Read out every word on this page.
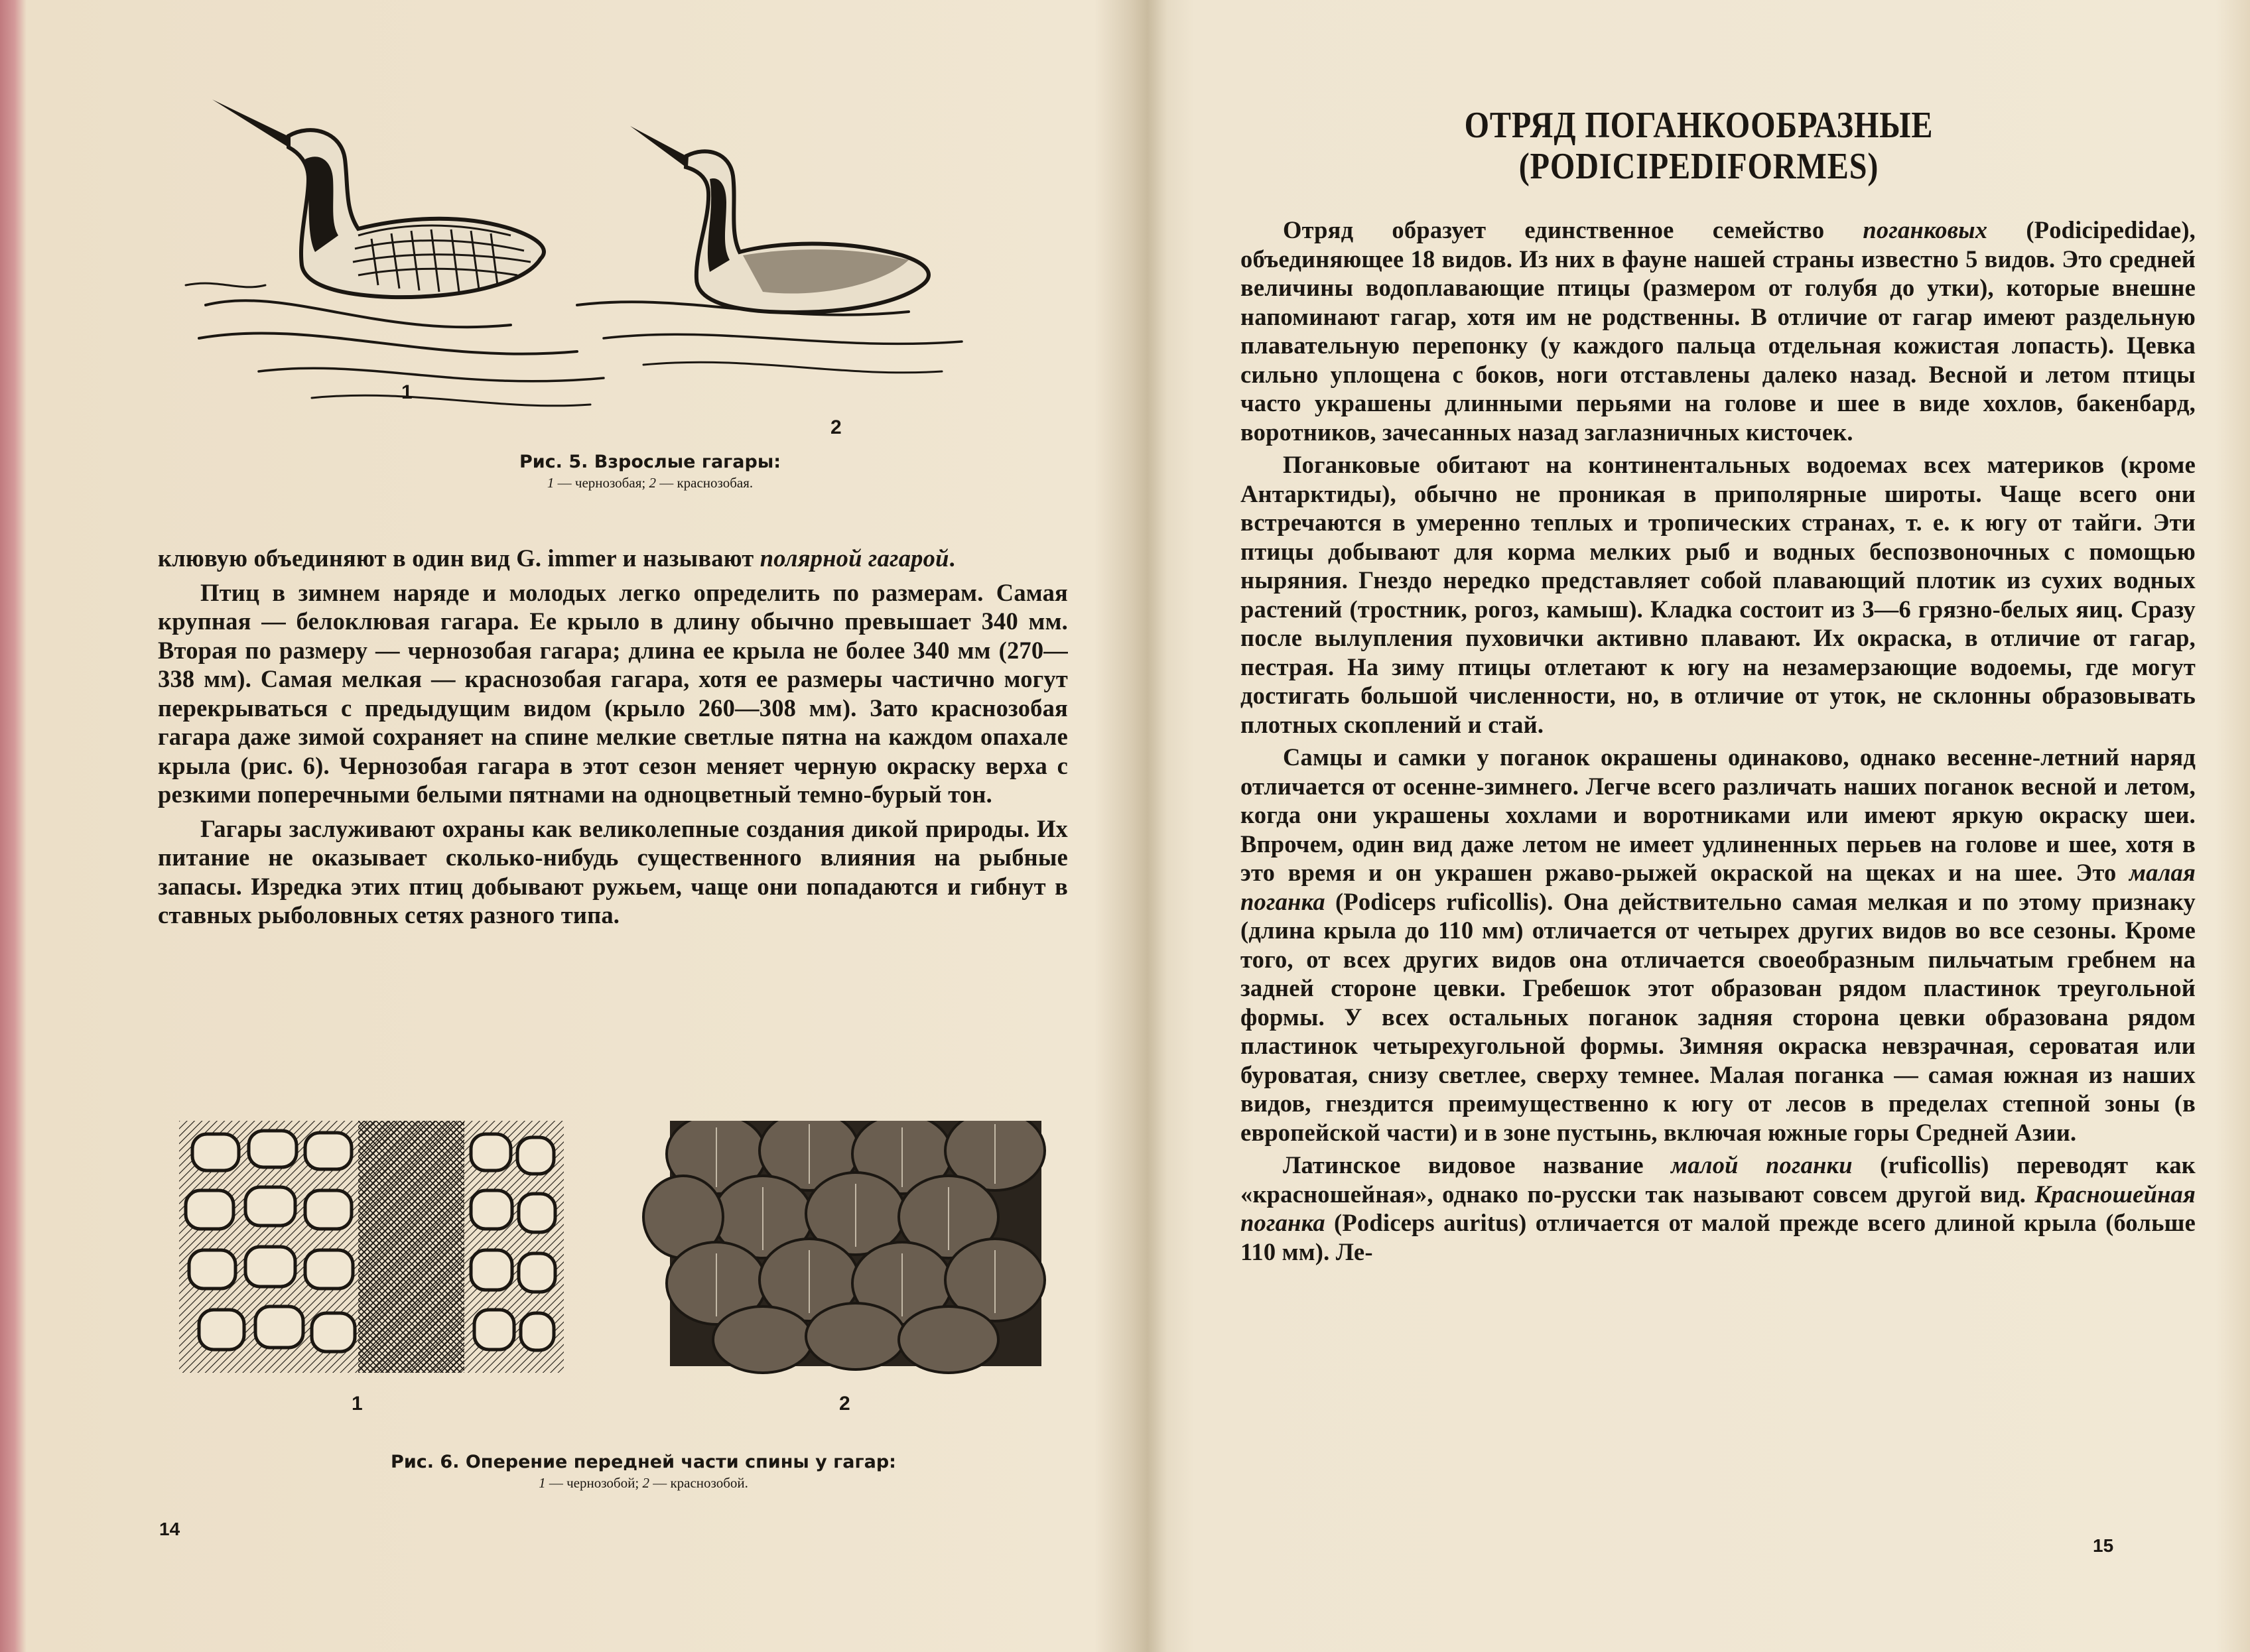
1
2
Рис. 5. Взрослые гагары:
1 — чернозобая; 2 — краснозобая.

клювую объединяют в один вид G. immer и называют полярной гагарой.

Птиц в зимнем наряде и молодых легко определить по размерам. Самая крупная — белоклювая гагара. Ее крыло в длину обычно превышает 340 мм. Вторая по размеру — чернозобая гагара; длина ее крыла не более 340 мм (270—338 мм). Самая мелкая — краснозобая гагара, хотя ее размеры частично могут перекрываться с предыдущим видом (крыло 260—308 мм). Зато краснозобая гагара даже зимой сохраняет на спине мелкие светлые пятна на каждом опахале крыла (рис. 6). Чернозобая гагара в этот сезон меняет черную окраску верха с резкими поперечными белыми пятнами на одноцветный темно-бурый тон.

Гагары заслуживают охраны как великолепные создания дикой природы. Их питание не оказывает сколько-нибудь существенного влияния на рыбные запасы. Изредка этих птиц добывают ружьем, чаще они попадаются и гибнут в ставных рыболовных сетях разного типа.

1	2
Рис. 6. Оперение передней части спины у гагар:
1 — чернозобой; 2 — краснозобой.
14
ОТРЯД ПОГАНКООБРАЗНЫЕ
(PODICIPEDIFORMES)

Отряд образует единственное семейство поганковых (Podicipedidae), объединяющее 18 видов. Из них в фауне нашей страны известно 5 видов. Это средней величины водоплавающие птицы (размером от голубя до утки), которые внешне напоминают гагар, хотя им не родственны. В отличие от гагар имеют раздельную плавательную перепонку (у каждого пальца отдельная кожистая лопасть). Цевка сильно уплощена с боков, ноги отставлены далеко назад. Весной и летом птицы часто украшены длинными перьями на голове и шее в виде хохлов, бакенбард, воротников, зачесанных назад заглазничных кисточек.

Поганковые обитают на континентальных водоемах всех материков (кроме Антарктиды), обычно не проникая в приполярные широты. Чаще всего они встречаются в умеренно теплых и тропических странах, т. е. к югу от тайги. Эти птицы добывают для корма мелких рыб и водных беспозвоночных с помощью ныряния. Гнездо нередко представляет собой плавающий плотик из сухих водных растений (тростник, рогоз, камыш). Кладка состоит из 3—6 грязно-белых яиц. Сразу после вылупления пуховички активно плавают. Их окраска, в отличие от гагар, пестрая. На зиму птицы отлетают к югу на незамерзающие водоемы, где могут достигать большой численности, но, в отличие от уток, не склонны образовывать плотных скоплений и стай.

Самцы и самки у поганок окрашены одинаково, однако весенне-летний наряд отличается от осенне-зимнего. Легче всего различать наших поганок весной и летом, когда они украшены хохлами и воротниками или имеют яркую окраску шеи. Впрочем, один вид даже летом не имеет удлиненных перьев на голове и шее, хотя в это время и он украшен ржаво-рыжей окраской на щеках и на шее. Это малая поганка (Podiceps ruficollis). Она действительно самая мелкая и по этому признаку (длина крыла до 110 мм) отличается от четырех других видов во все сезоны. Кроме того, от всех других видов она отличается своеобразным пильчатым гребнем на задней стороне цевки. Гребешок этот образован рядом пластинок треугольной формы. У всех остальных поганок задняя сторона цевки образована рядом пластинок четырехугольной формы. Зимняя окраска невзрачная, сероватая или буроватая, снизу светлее, сверху темнее. Малая поганка — самая южная из наших видов, гнездится преимущественно к югу от лесов в пределах степной зоны (в европейской части) и в зоне пустынь, включая южные горы Средней Азии.

Латинское видовое название малой поганки (ruficollis) переводят как «красношейная», однако по-русски так называют совсем другой вид. Красношейная поганка (Podiceps auritus) отличается от малой прежде всего длиной крыла (больше 110 мм). Ле-

15
